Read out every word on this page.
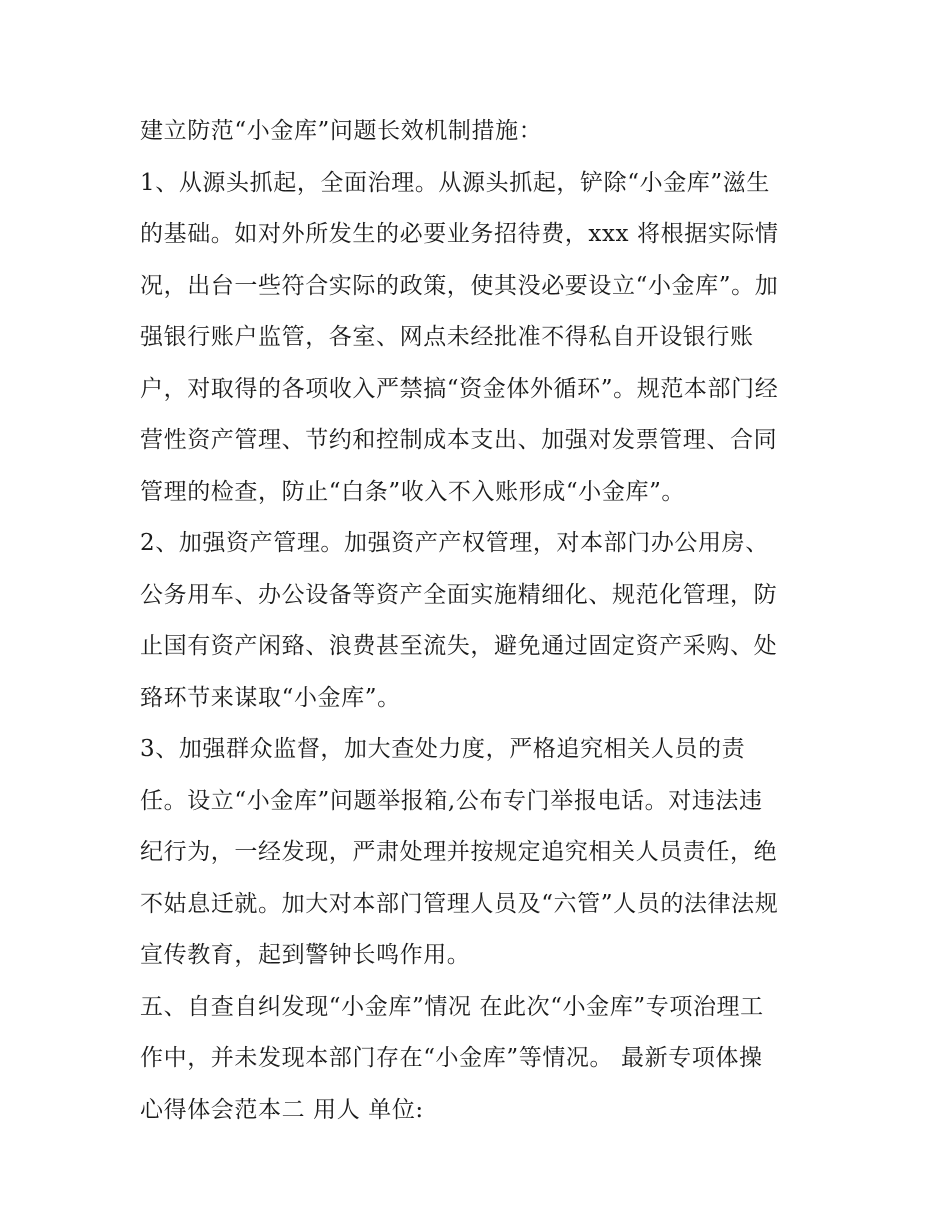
建立防范“小金库”问题长效机制措施：
1、从源头抓起，全面治理。从源头抓起，铲除“小金库”滋生
的基础。如对外所发生的必要业务招待费，xxx 将根据实际情
况，出台一些符合实际的政策，使其没必要设立“小金库”。加
强银行账户监管，各室、网点未经批准不得私自开设银行账
户，对取得的各项收入严禁搞“资金体外循环”。规范本部门经
营性资产管理、节约和控制成本支出、加强对发票管理、合同
管理的检查，防止“白条”收入不入账形成“小金库”。
2、加强资产管理。加强资产产权管理，对本部门办公用房、
公务用车、办公设备等资产全面实施精细化、规范化管理，防
止国有资产闲臵、浪费甚至流失，避免通过固定资产采购、处
臵环节来谋取“小金库”。
3、加强群众监督，加大查处力度，严格追究相关人员的责
任。设立“小金库”问题举报箱,公布专门举报电话。对违法违
纪行为，一经发现，严肃处理并按规定追究相关人员责任，绝
不姑息迁就。加大对本部门管理人员及“六管”人员的法律法规
宣传教育，起到警钟长鸣作用。
五、自查自纠发现“小金库”情况 在此次“小金库”专项治理工
作中，并未发现本部门存在“小金库”等情况。 最新专项体操
心得体会范本二 用人 单位:
